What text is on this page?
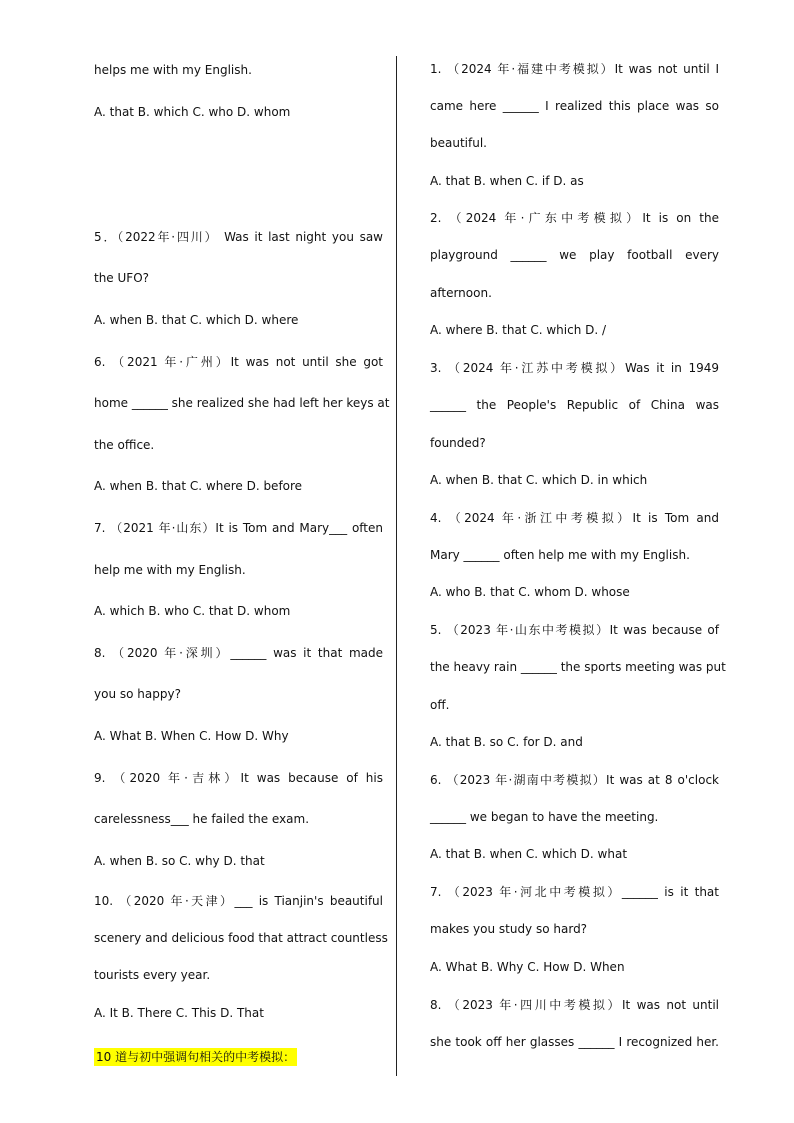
helps me with my English.
A. that B. which C. who D. whom
5．（2022年·四川） Was it last night you saw
the UFO?
A. when B. that C. which D. where
6. （2021 年·广州）It was not until she got
home ______ she realized she had left her keys at
the office.
A. when B. that C. where D. before
7. （2021 年·山东）It is Tom and Mary___ often
help me with my English.
A. which B. who C. that D. whom
8. （2020 年·深圳）______ was it that made
you so happy?
A. What B. When C. How D. Why
9. （2020 年·吉林）It was because of his
carelessness___ he failed the exam.
A. when B. so C. why D. that
10. （2020 年·天津）___ is Tianjin's beautiful
scenery and delicious food that attract countless
tourists every year.
A. It B. There C. This D. That
1. （2024 年·福建中考模拟）It was not until I
came here ______ I realized this place was so
beautiful.
A. that B. when C. if D. as
2. （2024 年·广东中考模拟）It is on the
playground ______ we play football every
afternoon.
A. where B. that C. which D. /
3. （2024 年·江苏中考模拟）Was it in 1949
______ the People's Republic of China was
founded?
A. when B. that C. which D. in which
4. （2024 年·浙江中考模拟）It is Tom and
Mary ______ often help me with my English.
A. who B. that C. whom D. whose
5. （2023 年·山东中考模拟）It was because of
the heavy rain ______ the sports meeting was put
off.
A. that B. so C. for D. and
6. （2023 年·湖南中考模拟）It was at 8 o'clock
______ we began to have the meeting.
A. that B. when C. which D. what
7. （2023 年·河北中考模拟）______ is it that
makes you study so hard?
A. What B. Why C. How D. When
8. （2023 年·四川中考模拟）It was not until
she took off her glasses ______ I recognized her.
10 道与初中强调句相关的中考模拟：
